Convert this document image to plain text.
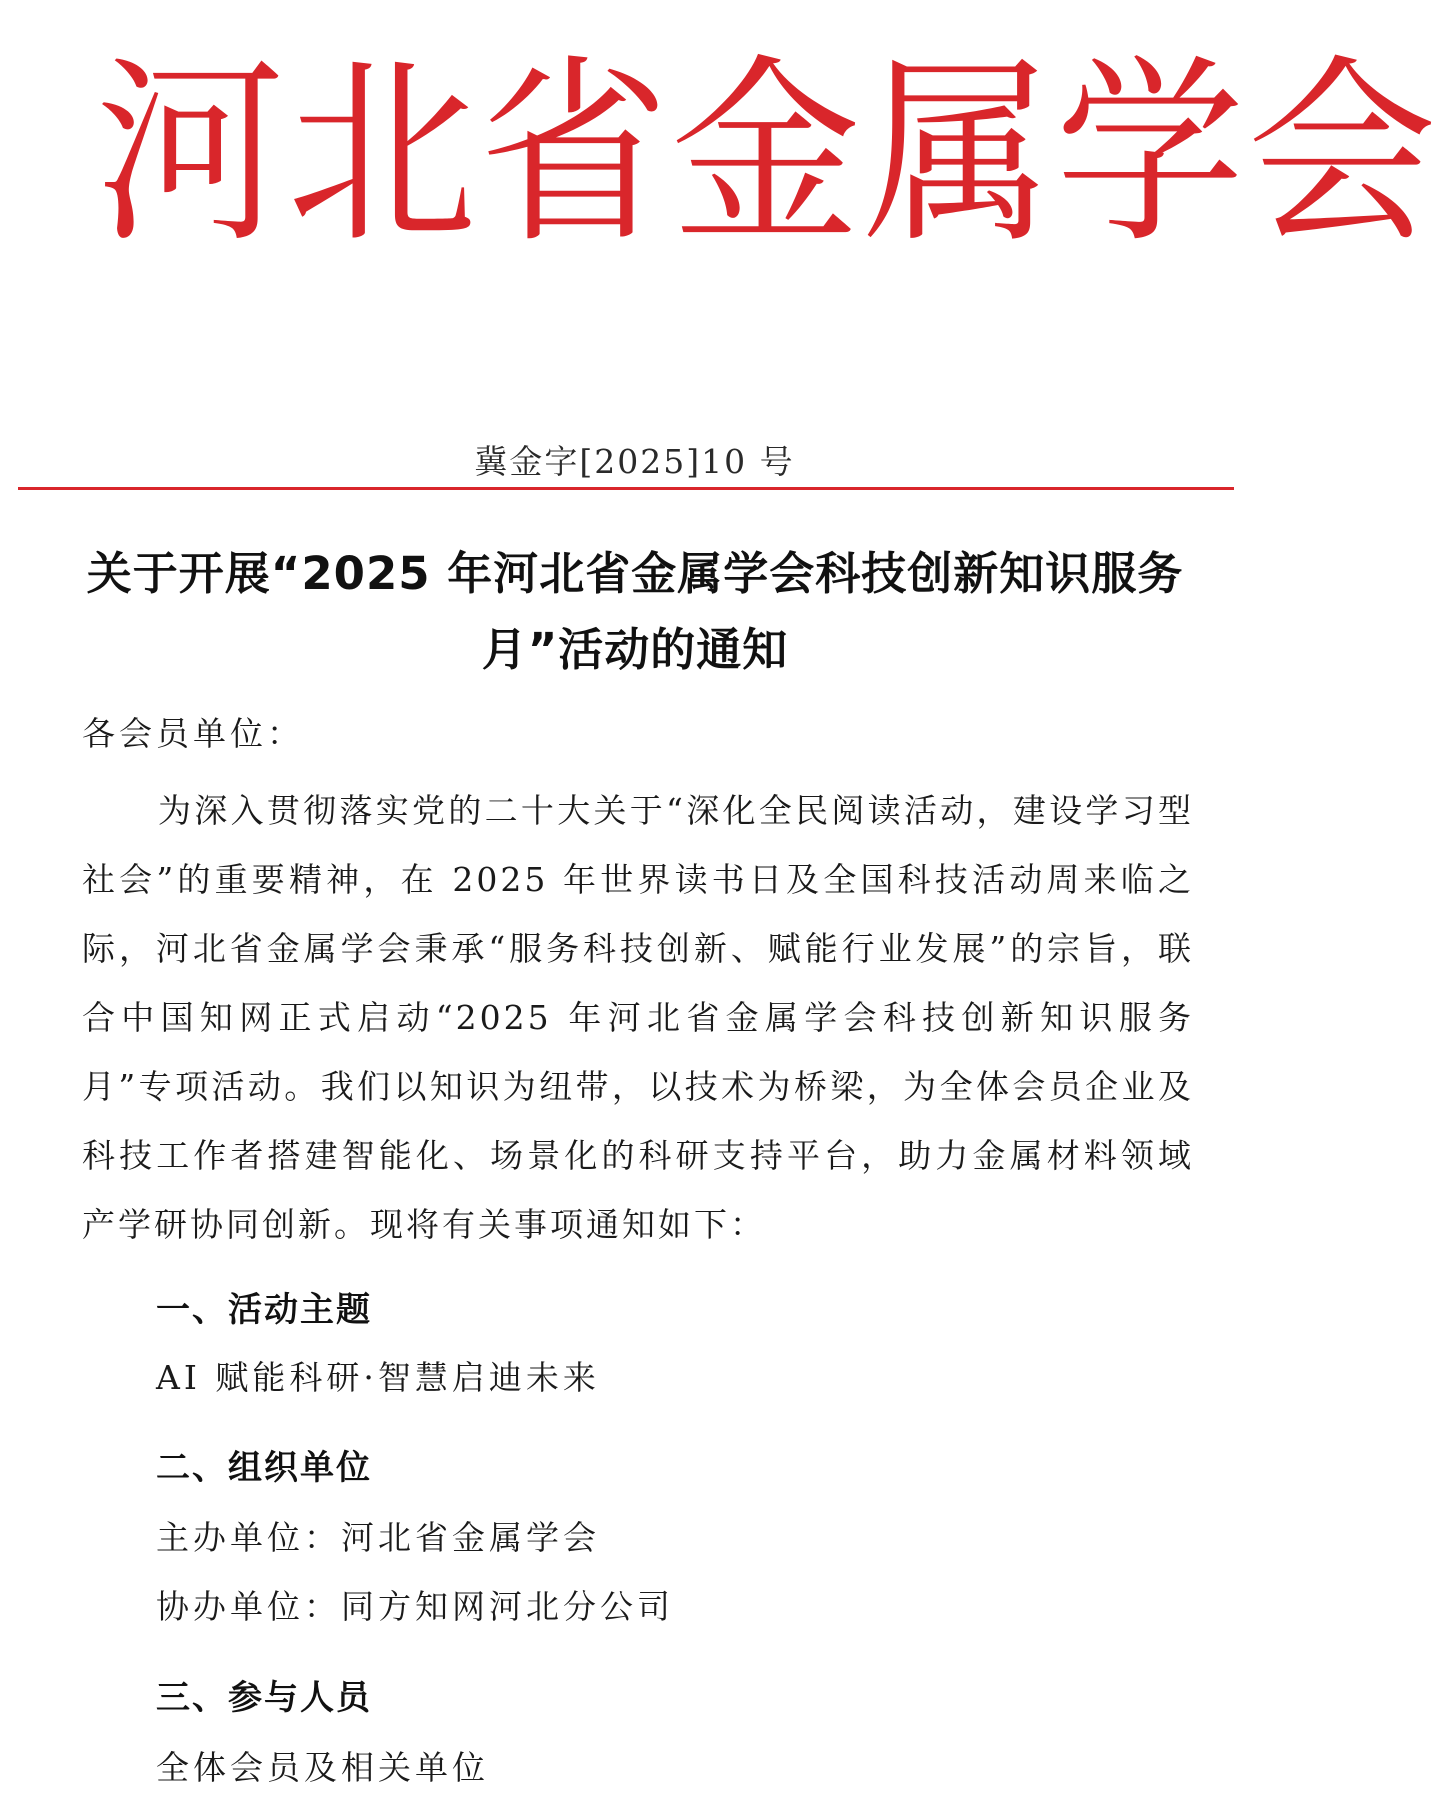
河北省金属学会
冀金字[2025]10 号
关于开展“2025 年河北省金属学会科技创新知识服务月”活动的通知
各会员单位：
为深入贯彻落实党的二十大关于“深化全民阅读活动，建设学习型社会”的重要精神，在 2025 年世界读书日及全国科技活动周来临之际，河北省金属学会秉承“服务科技创新、赋能行业发展”的宗旨，联合中国知网正式启动“2025 年河北省金属学会科技创新知识服务月”专项活动。我们以知识为纽带，以技术为桥梁，为全体会员企业及科技工作者搭建智能化、场景化的科研支持平台，助力金属材料领域产学研协同创新。现将有关事项通知如下：
一、活动主题
AI 赋能科研·智慧启迪未来
二、组织单位
主办单位：河北省金属学会
协办单位：同方知网河北分公司
三、参与人员
全体会员及相关单位
